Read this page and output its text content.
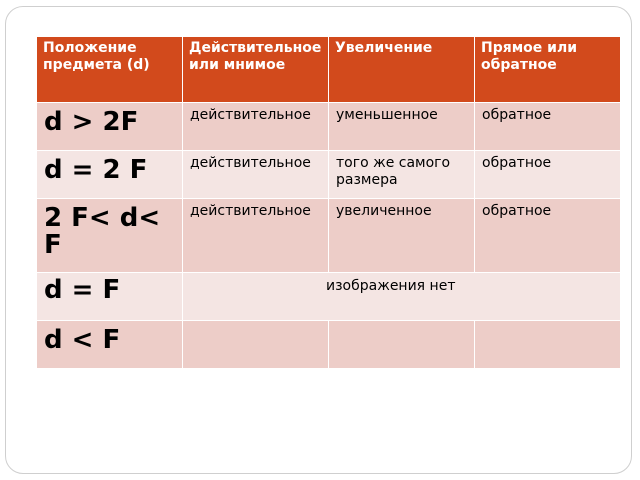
Положение предмета (d)	Действительное или мнимое	Увеличение	Прямое или обратное
d > 2F	действительное	уменьшенное	обратное
d = 2 F	действительное	того же самого размера	обратное
2 F< d< F	действительное	увеличенное	обратное
d = F	изображения нет		

d < F			
